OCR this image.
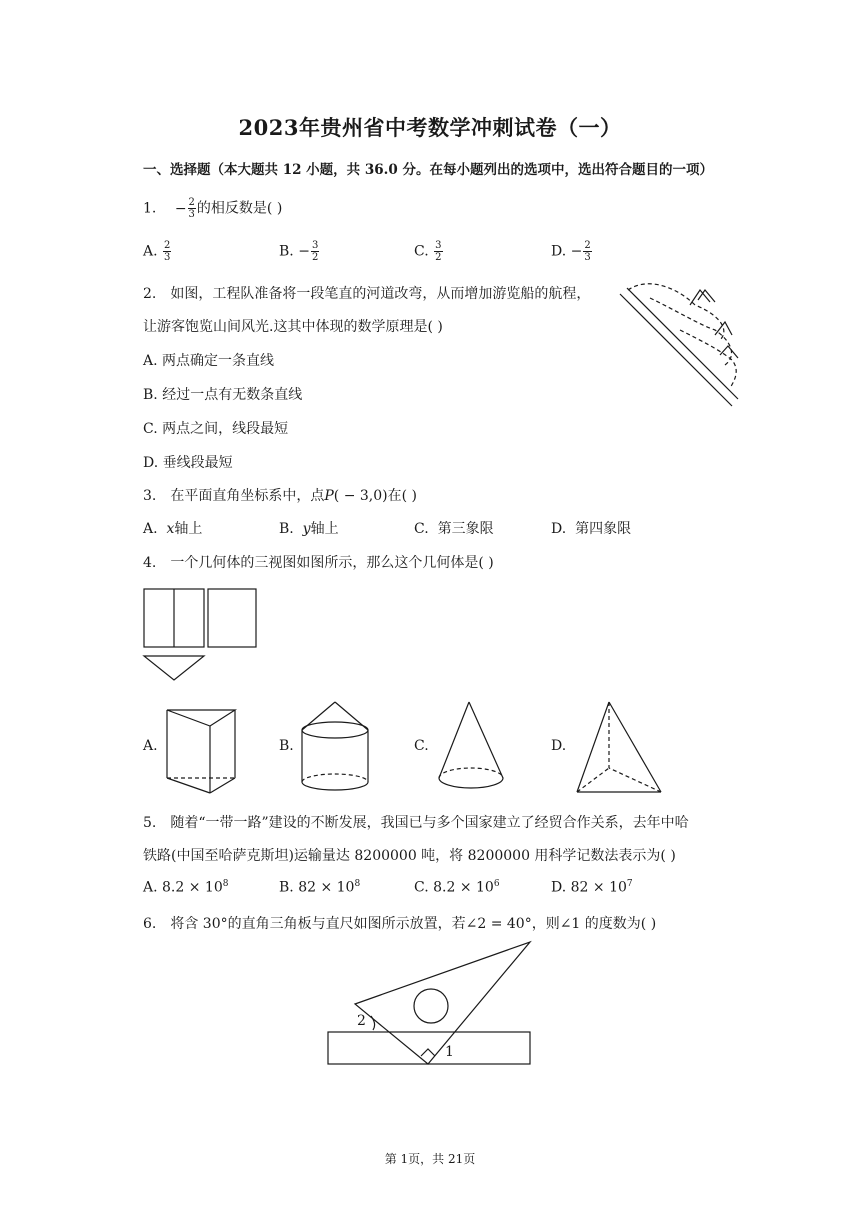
2023年贵州省中考数学冲刺试卷（一）
一、选择题（本大题共 12 小题，共 36.0 分。在每小题列出的选项中，选出符合题目的一项）
1. − $\frac{2}{3}$ 的相反数是( )
A. $\frac{2}{3}$	B. − $\frac{3}{2}$	C. $\frac{3}{2}$	D. − $\frac{2}{3}$
2. 如图，工程队准备将一段笔直的河道改弯，从而增加游览船的航程，
让游客饱览山间风光.这其中体现的数学原理是( )
A. 两点确定一条直线
B. 经过一点有无数条直线
C. 两点之间，线段最短
D. 垂线段最短
3. 在平面直角坐标系中，点P( − 3,0)在( )
A. x轴上	B. y轴上	C. 第三象限	D. 第四象限
4. 一个几何体的三视图如图所示，那么这个几何体是( )
A.	B.	C.	D.
5. 随着“一带一路”建设的不断发展，我国已与多个国家建立了经贸合作关系，去年中哈
铁路(中国至哈萨克斯坦)运输量达 8200000 吨，将 8200000 用科学记数法表示为( )
A. $8.2 \times 10^8$	B. $82 \times 10^8$	C. $8.2 \times 10^6$	D. $82 \times 10^7$
6. 将含 30°的直角三角板与直尺如图所示放置，若∠2 = 40°，则∠1 的度数为( )
2
1
第 1页，共 21页
